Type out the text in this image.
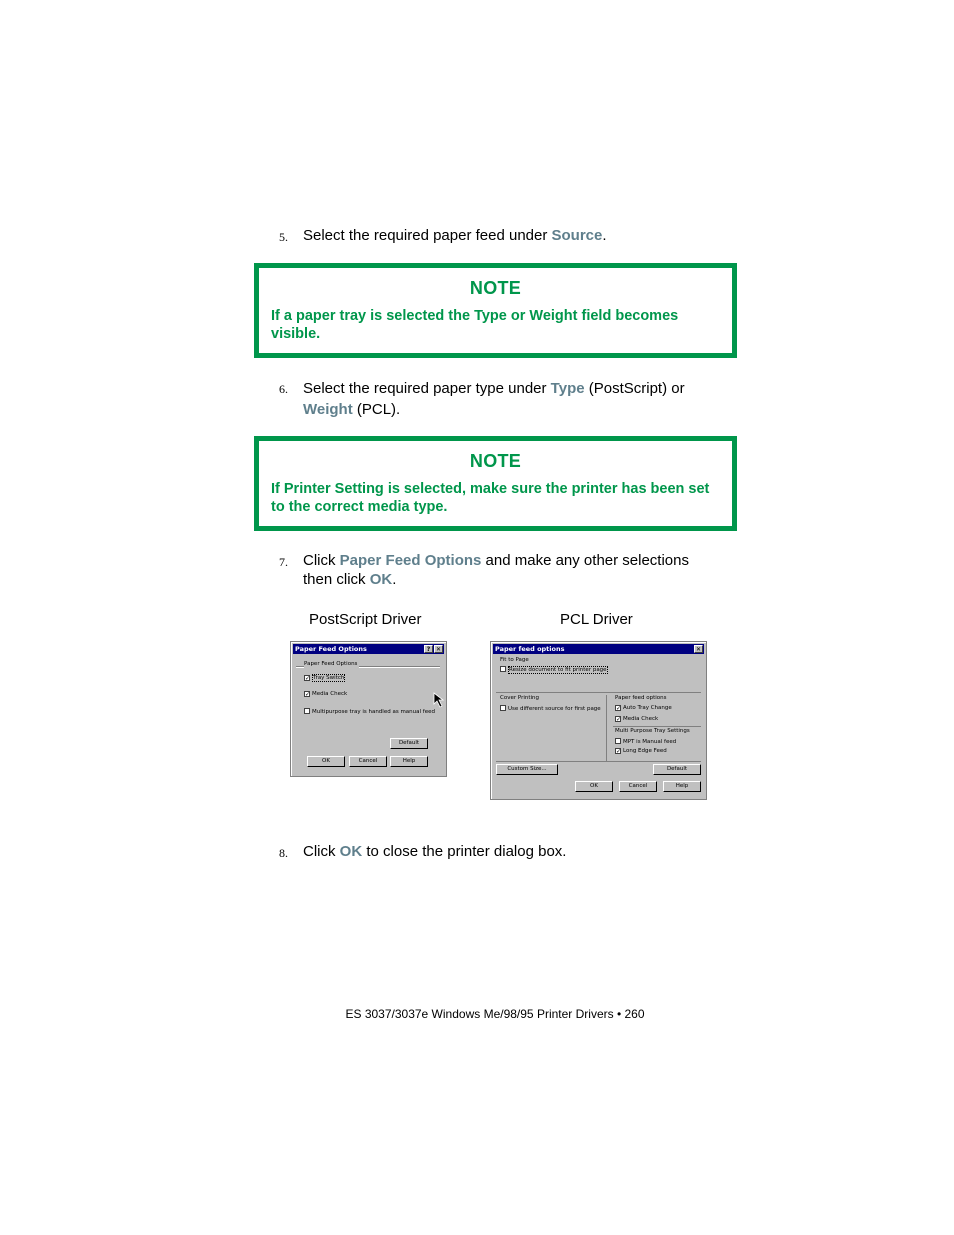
5. Select the required paper feed under Source.
NOTE
If a paper tray is selected the Type or Weight field becomes visible.
6. Select the required paper type under Type (PostScript) or
Weight (PCL).
NOTE
If Printer Setting is selected, make sure the printer has been set to the correct media type.
7. Click Paper Feed Options and make any other selections then click OK.
PostScript Driver	PCL Driver
Paper Feed Options	? ✕
Paper Feed Options
✓ Tray Switch
✓ Media Check
Multipurpose tray is handled as manual feed
Default
OK	Cancel	Help
Paper feed options	✕
Fit to Page
Resize document to fit printer page
Cover Printing
Use different source for first page
Paper feed options
✓ Auto Tray Change
✓ Media Check
Multi Purpose Tray Settings
MPT is Manual feed
✓ Long Edge Feed
Custom Size...	Default
OK	Cancel	Help
8. Click OK to close the printer dialog box.
ES 3037/3037e Windows Me/98/95 Printer Drivers • 260
